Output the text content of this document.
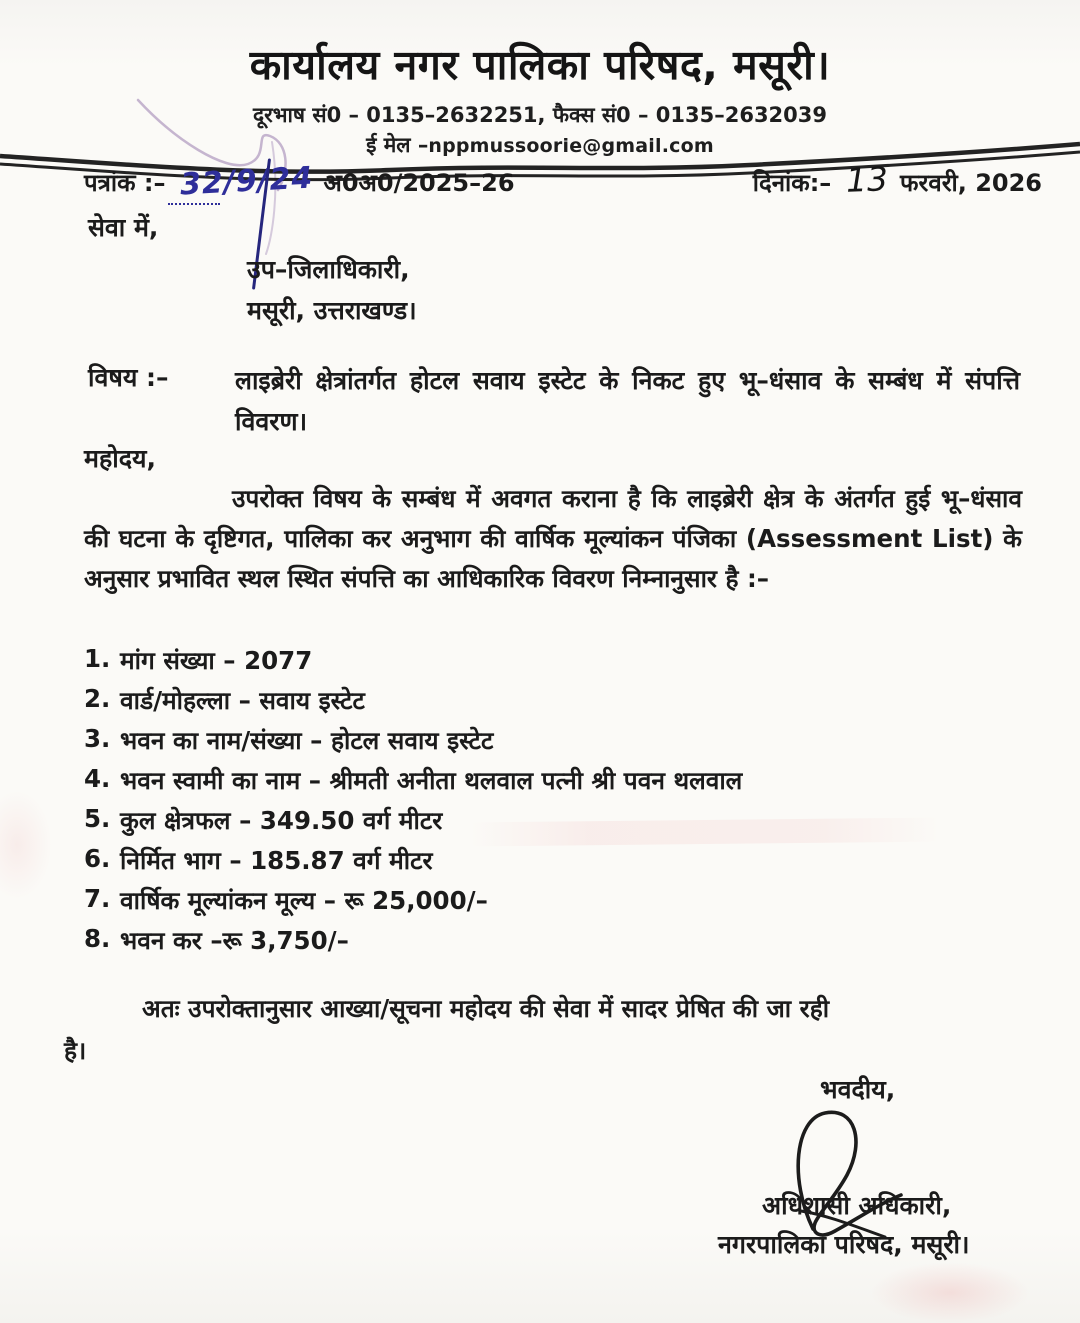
कार्यालय नगर पालिका परिषद, मसूरी।
दूरभाष सं0 – 0135–2632251, फैक्स सं0 – 0135–2632039
ई मेल –nppmussoorie@gmail.com
पत्रांक :– 32/9/24 अ0अ0/2025–26	दिनांक:– 13 फरवरी, 2026
सेवा में,
उप–जिलाधिकारी,
मसूरी, उत्तराखण्ड।
विषय :–	लाइब्रेरी क्षेत्रांतर्गत होटल सवाय इस्टेट के निकट हुए भू–धंसाव के सम्बंध में संपत्ति विवरण।
महोदय,
उपरोक्त विषय के सम्बंध में अवगत कराना है कि लाइब्रेरी क्षेत्र के अंतर्गत हुई भू–धंसाव की घटना के दृष्टिगत, पालिका कर अनुभाग की वार्षिक मूल्यांकन पंजिका (Assessment List) के अनुसार प्रभावित स्थल स्थित संपत्ति का आधिकारिक विवरण निम्नानुसार है :–
1. मांग संख्या – 2077
2. वार्ड/मोहल्ला – सवाय इस्टेट
3. भवन का नाम/संख्या – होटल सवाय इस्टेट
4. भवन स्वामी का नाम – श्रीमती अनीता थलवाल पत्नी श्री पवन थलवाल
5. कुल क्षेत्रफल – 349.50 वर्ग मीटर
6. निर्मित भाग – 185.87 वर्ग मीटर
7. वार्षिक मूल्यांकन मूल्य – रू 25,000/–
8. भवन कर –रू 3,750/–
अतः उपरोक्तानुसार आख्या/सूचना महोदय की सेवा में सादर प्रेषित की जा रही
है।
भवदीय,
अधिशासी अधिकारी,
नगरपालिका परिषद, मसूरी।
